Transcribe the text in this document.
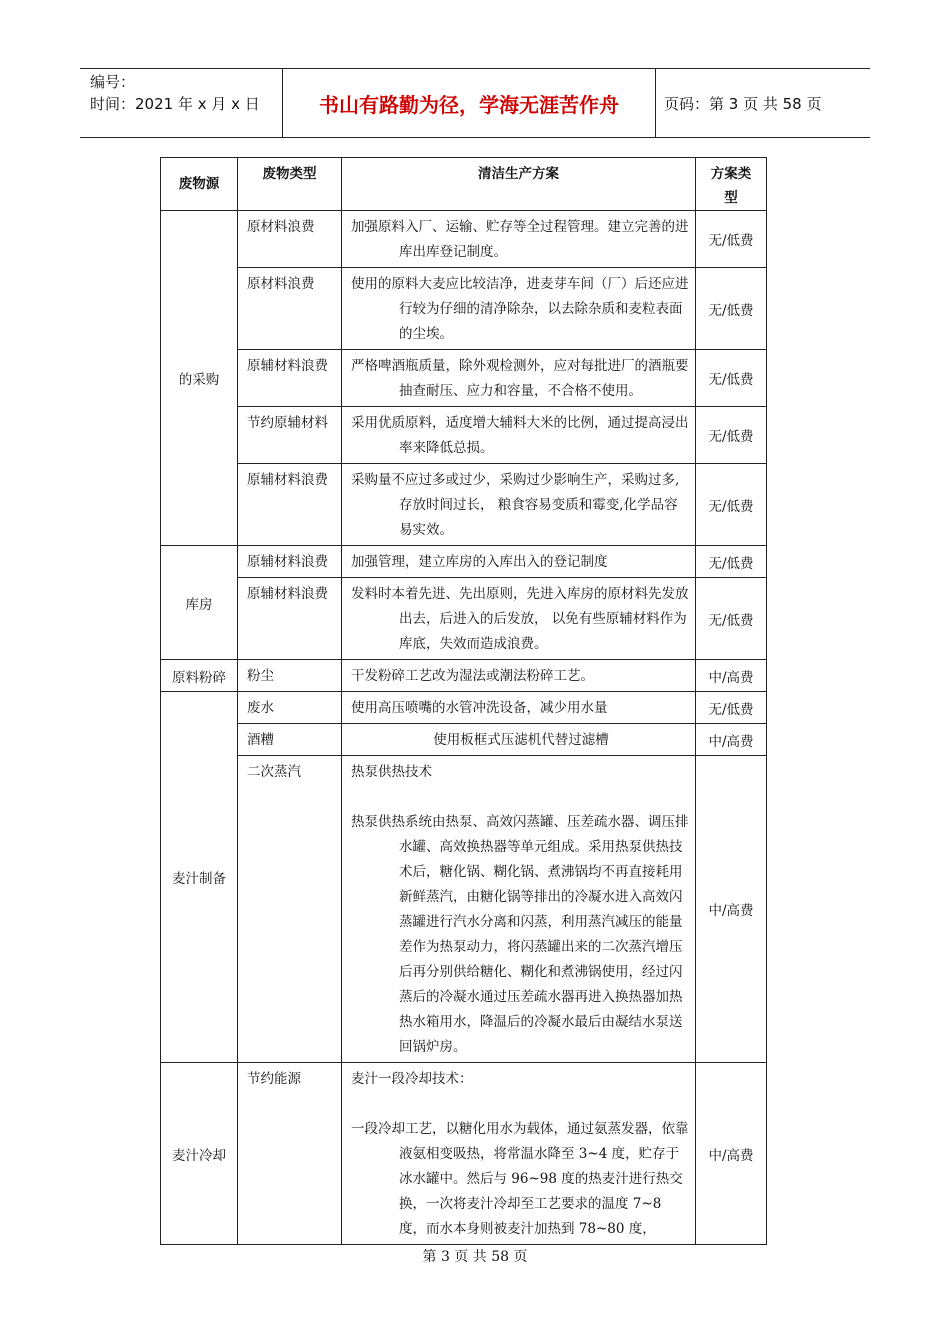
编号：
时间：2021 年 x 月 x 日	书山有路勤为径，学海无涯苦作舟	页码：第 3 页 共 58 页
废物源	废物类型	清洁生产方案	方案类
型

的采购	原材料浪费	加强原料入厂、运输、贮存等全过程管理。建立完善的进库出库登记制度。	无/低费
	原材料浪费	使用的原料大麦应比较洁净，进麦芽车间（厂）后还应进行较为仔细的清净除杂，以去除杂质和麦粒表面的尘埃。	无/低费
	原辅材料浪费	严格啤酒瓶质量，除外观检测外，应对每批进厂的酒瓶要抽查耐压、应力和容量，不合格不使用。	无/低费
	节约原辅材料	采用优质原料，适度增大辅料大米的比例，通过提高浸出率来降低总损。	无/低费
	原辅材料浪费	采购量不应过多或过少，采购过少影响生产，采购过多,存放时间过长， 粮食容易变质和霉变,化学品容易实效。	无/低费
库房	原辅材料浪费	加强管理，建立库房的入库出入的登记制度	无/低费
	原辅材料浪费	发料时本着先进、先出原则，先进入库房的原材料先发放出去，后进入的后发放， 以免有些原辅材料作为库底，失效而造成浪费。	无/低费
原料粉碎	粉尘	干发粉碎工艺改为湿法或潮法粉碎工艺。	中/高费
麦汁制备	废水	使用高压喷嘴的水管冲洗设备，减少用水量	无/低费
	酒糟	使用板框式压滤机代替过滤槽	中/高费
	二次蒸汽	热泵供热技术

热泵供热系统由热泵、高效闪蒸罐、压差疏水器、调压排水罐、高效换热器等单元组成。采用热泵供热技术后，糖化锅、糊化锅、煮沸锅均不再直接耗用新鲜蒸汽，由糖化锅等排出的冷凝水进入高效闪蒸罐进行汽水分离和闪蒸，利用蒸汽减压的能量差作为热泵动力，将闪蒸罐出来的二次蒸汽增压后再分别供给糖化、糊化和煮沸锅使用，经过闪蒸后的冷凝水通过压差疏水器再进入换热器加热热水箱用水，降温后的冷凝水最后由凝结水泵送回锅炉房。	中/高费
麦汁冷却	节约能源	麦汁一段冷却技术：

一段冷却工艺，以糖化用水为载体，通过氨蒸发器，依靠液氨相变吸热，将常温水降至 3~4 度，贮存于冰水罐中。然后与 96~98 度的热麦汁进行热交换，一次将麦汁冷却至工艺要求的温度 7~8 度，而水本身则被麦汁加热到 78~80 度，	中/高费
第 3 页 共 58 页
